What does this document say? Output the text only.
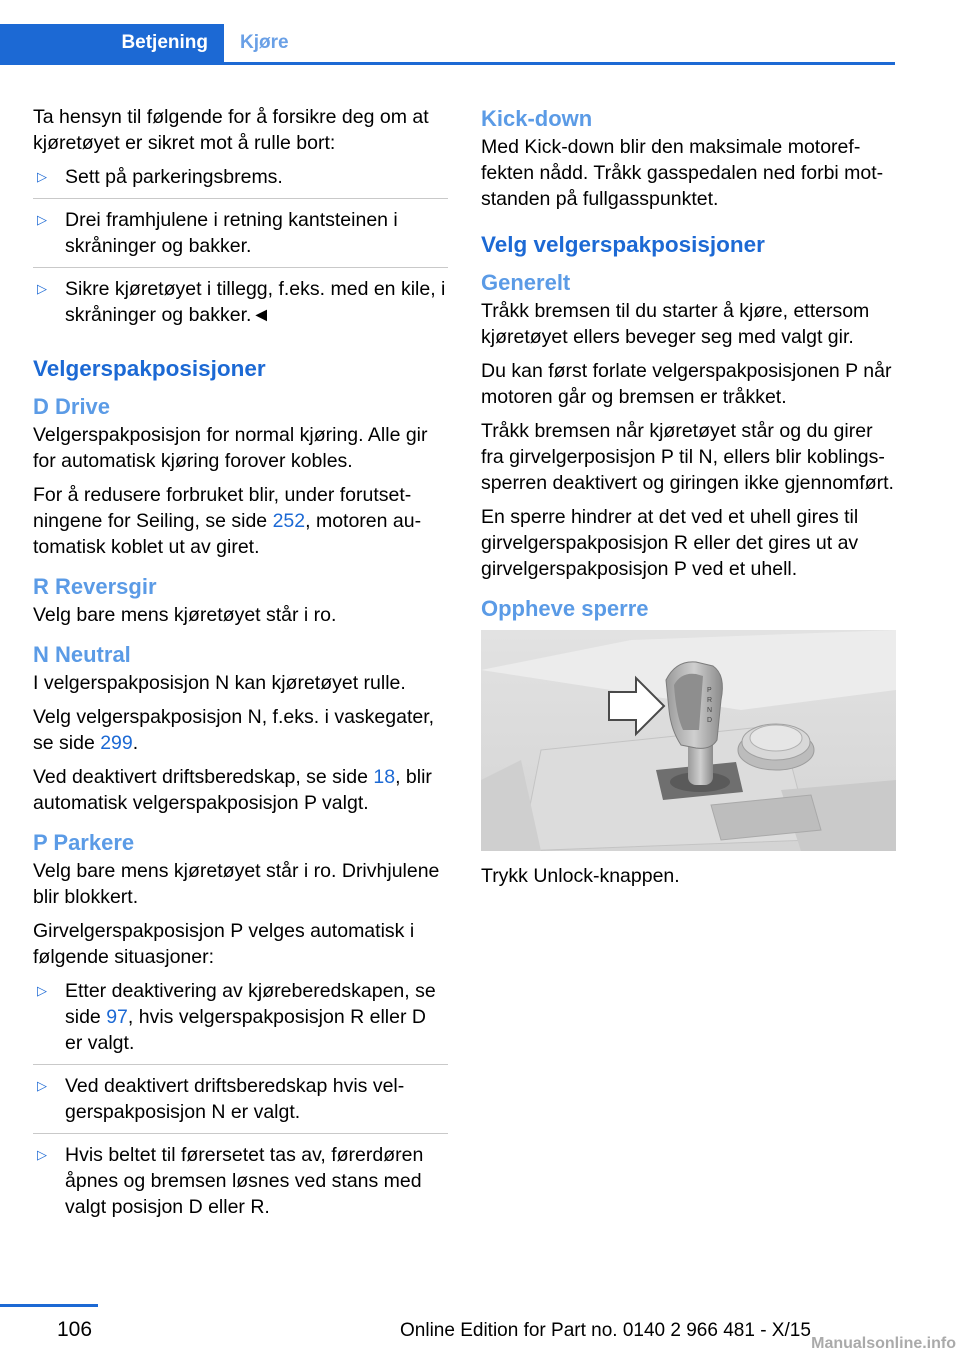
Betjening Kjøre

Ta hensyn til følgende for å forsikre deg om at kjøretøyet er sikret mot å rulle bort:

▷ Sett på parkeringsbrems.
▷ Drei framhjulene i retning kantsteinen i skråninger og bakker.
▷ Sikre kjøretøyet i tillegg, f.eks. med en kile, i skråninger og bakker.◄
Velgerspakposisjoner
D Drive

Velgerspakposisjon for normal kjøring. Alle gir for automatisk kjøring forover kobles.

For å redusere forbruket blir, under forutsetningene for Seiling, se side 252, motoren automatisk koblet ut av giret.

R Reversgir

Velg bare mens kjøretøyet står i ro.

N Neutral

I velgerspakposisjon N kan kjøretøyet rulle.

Velg velgerspakposisjon N, f.eks. i vaskegater, se side 299.

Ved deaktivert driftsberedskap, se side 18, blir automatisk velgerspakposisjon P valgt.

P Parkere

Velg bare mens kjøretøyet står i ro. Drivhjulene blir blokkert.

Girvelgerspakposisjon P velges automatisk i følgende situasjoner:

▷ Etter deaktivering av kjøreberedskapen, se side 97, hvis velgerspakposisjon R eller D er valgt.
▷ Ved deaktivert driftsberedskap hvis velgerspakposisjon N er valgt.
▷ Hvis beltet til førersetet tas av, førerdøren åpnes og bremsen løsnes ved stans med valgt posisjon D eller R.
Kick-down

Med Kick-down blir den maksimale motoreffekten nådd. Tråkk gasspedalen ned forbi motstanden på fullgasspunktet.

Velg velgerspakposisjoner
Generelt

Tråkk bremsen til du starter å kjøre, ettersom kjøretøyet ellers beveger seg med valgt gir.

Du kan først forlate velgerspakposisjonen P når motoren går og bremsen er tråkket.

Tråkk bremsen når kjøretøyet står og du girer fra girvelgerposisjon P til N, ellers blir koblingssperren deaktivert og giringen ikke gjennomført.

En sperre hindrer at det ved et uhell gires til girvelgerspakposisjon R eller det gires ut av girvelgerspakposisjon P ved et uhell.

Oppheve sperre
P
R
N
D

Trykk Unlock-knappen.

106	Online Edition for Part no. 0140 2 966 481 - X/15
Manualsonline.info
